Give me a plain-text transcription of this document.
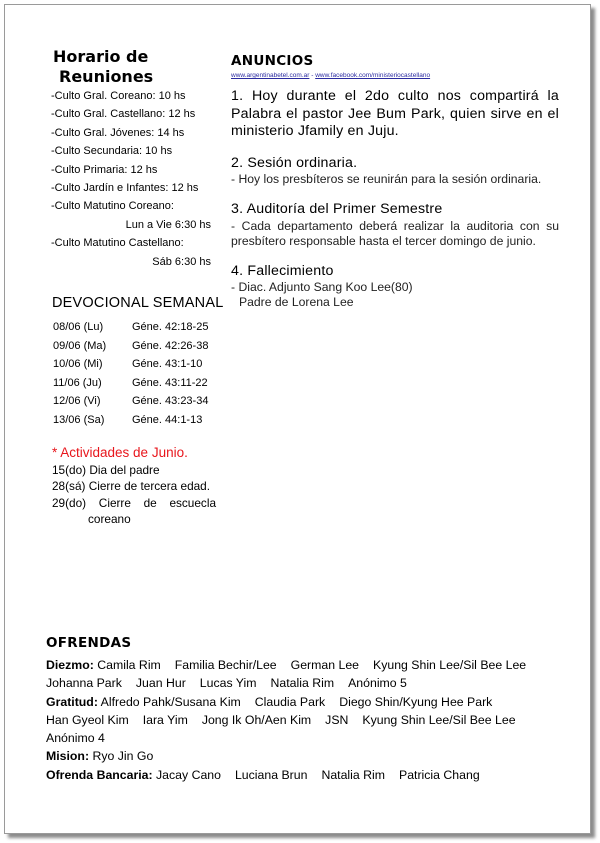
Horario de
Reuniones
-Culto Gral. Coreano: 10 hs
-Culto Gral. Castellano: 12 hs
-Culto Gral. Jóvenes: 14 hs
-Culto Secundaria: 10 hs
-Culto Primaria: 12 hs
-Culto Jardín e Infantes: 12 hs
-Culto Matutino Coreano:
Lun a Vie 6:30 hs
-Culto Matutino Castellano:
Sáb 6:30 hs
DEVOCIONAL SEMANAL
08/06 (Lu)	Géne. 42:18-25
09/06 (Ma) Géne. 42:26-38
10/06 (Mi)	Géne. 43:1-10
11/06 (Ju)	Géne. 43:11-22
12/06 (Vi)	Géne. 43:23-34
13/06 (Sa)	Géne. 44:1-13
* Actividades de Junio.
15(do) Dia del padre
28(sá) Cierre de tercera edad.
29(do) Cierre de escuecla coreano
ANUNCIOS
www.argentinabetel.com.ar - www.facebook.com/ministeriocastellano
1. Hoy durante el 2do culto nos compartirá la Palabra el pastor Jee Bum Park, quien sirve en el ministerio Jfamily en Juju.
2. Sesión ordinaria.
- Hoy los presbíteros se reunirán para la sesión ordinaria.
3. Auditoría del Primer Semestre
- Cada departamento deberá realizar la auditoria con su presbítero responsable hasta el tercer domingo de junio.
4. Fallecimiento
- Diac. Adjunto Sang Koo Lee(80)
Padre de Lorena Lee
OFRENDAS
Diezmo: Camila Rim Familia Bechir/Lee German Lee Kyung Shin Lee/Sil Bee Lee
Johanna Park Juan Hur Lucas Yim Natalia Rim Anónimo 5
Gratitud: Alfredo Pahk/Susana Kim Claudia Park Diego Shin/Kyung Hee Park
Han Gyeol Kim Iara Yim Jong Ik Oh/Aen Kim JSN Kyung Shin Lee/Sil Bee Lee
Anónimo 4
Mision: Ryo Jin Go
Ofrenda Bancaria: Jacay Cano Luciana Brun Natalia Rim Patricia Chang
